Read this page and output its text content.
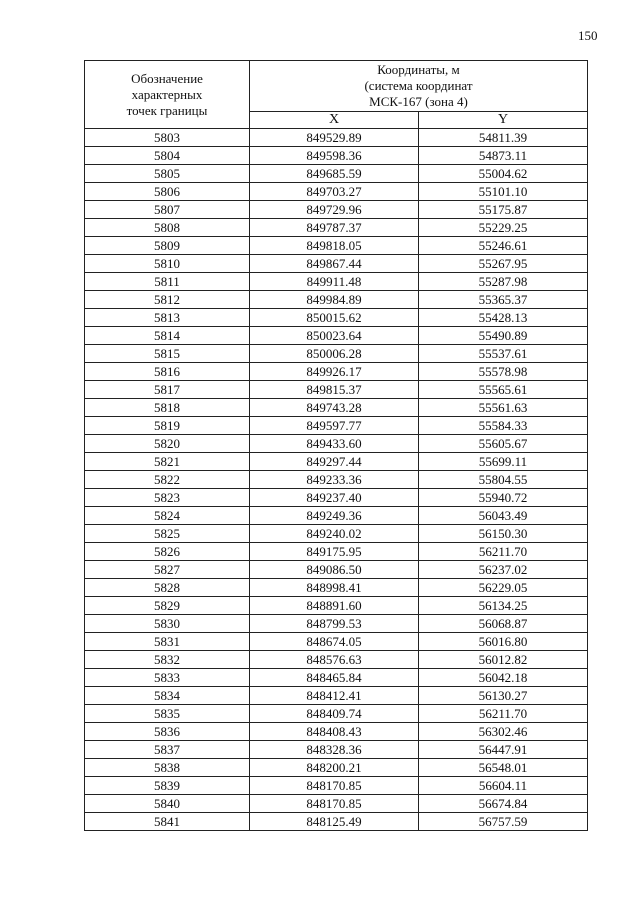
150
Обозначение
характерных
точек границы	Координаты, м
(система координат
МСК-167 (зона 4)	

	X	Y
5803	849529.89	54811.39
5804	849598.36	54873.11
5805	849685.59	55004.62
5806	849703.27	55101.10
5807	849729.96	55175.87
5808	849787.37	55229.25
5809	849818.05	55246.61
5810	849867.44	55267.95
5811	849911.48	55287.98
5812	849984.89	55365.37
5813	850015.62	55428.13
5814	850023.64	55490.89
5815	850006.28	55537.61
5816	849926.17	55578.98
5817	849815.37	55565.61
5818	849743.28	55561.63
5819	849597.77	55584.33
5820	849433.60	55605.67
5821	849297.44	55699.11
5822	849233.36	55804.55
5823	849237.40	55940.72
5824	849249.36	56043.49
5825	849240.02	56150.30
5826	849175.95	56211.70
5827	849086.50	56237.02
5828	848998.41	56229.05
5829	848891.60	56134.25
5830	848799.53	56068.87
5831	848674.05	56016.80
5832	848576.63	56012.82
5833	848465.84	56042.18
5834	848412.41	56130.27
5835	848409.74	56211.70
5836	848408.43	56302.46
5837	848328.36	56447.91
5838	848200.21	56548.01
5839	848170.85	56604.11
5840	848170.85	56674.84
5841	848125.49	56757.59
